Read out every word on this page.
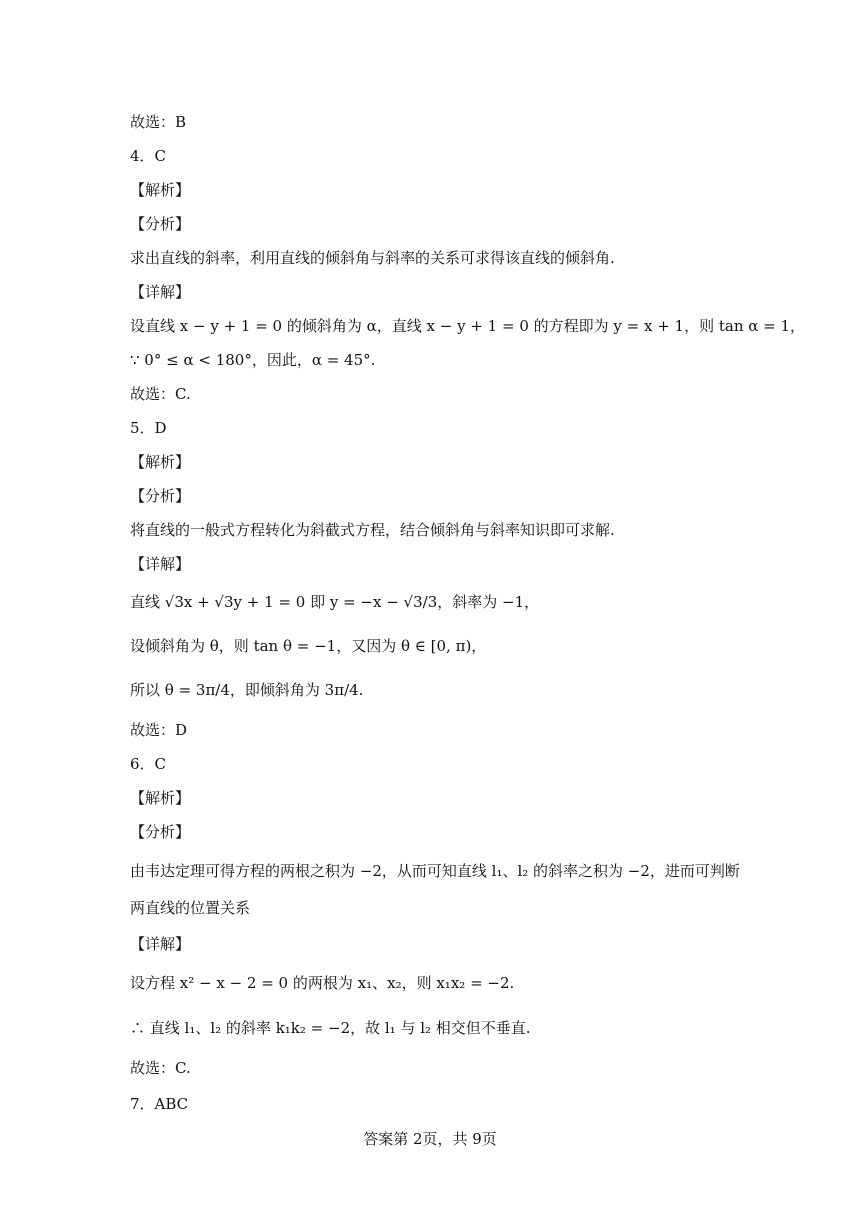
故选：B
4．C
【解析】
【分析】
求出直线的斜率，利用直线的倾斜角与斜率的关系可求得该直线的倾斜角.
【详解】
设直线 x − y + 1 = 0 的倾斜角为 α，直线 x − y + 1 = 0 的方程即为 y = x + 1，则 tan α = 1，
∵ 0° ≤ α < 180°，因此，α = 45°.
故选：C.
5．D
【解析】
【分析】
将直线的一般式方程转化为斜截式方程，结合倾斜角与斜率知识即可求解.
【详解】
直线 √3x + √3y + 1 = 0 即 y = −x − √3/3，斜率为 −1，
设倾斜角为 θ，则 tan θ = −1，又因为 θ ∈ [0, π)，
所以 θ = 3π/4，即倾斜角为 3π/4.
故选：D
6．C
【解析】
【分析】
由韦达定理可得方程的两根之积为 −2，从而可知直线 l₁、l₂ 的斜率之积为 −2，进而可判断
两直线的位置关系
【详解】
设方程 x² − x − 2 = 0 的两根为 x₁、x₂，则 x₁x₂ = −2.
∴ 直线 l₁、l₂ 的斜率 k₁k₂ = −2，故 l₁ 与 l₂ 相交但不垂直.
故选：C.
7．ABC
答案第 2页，共 9页
